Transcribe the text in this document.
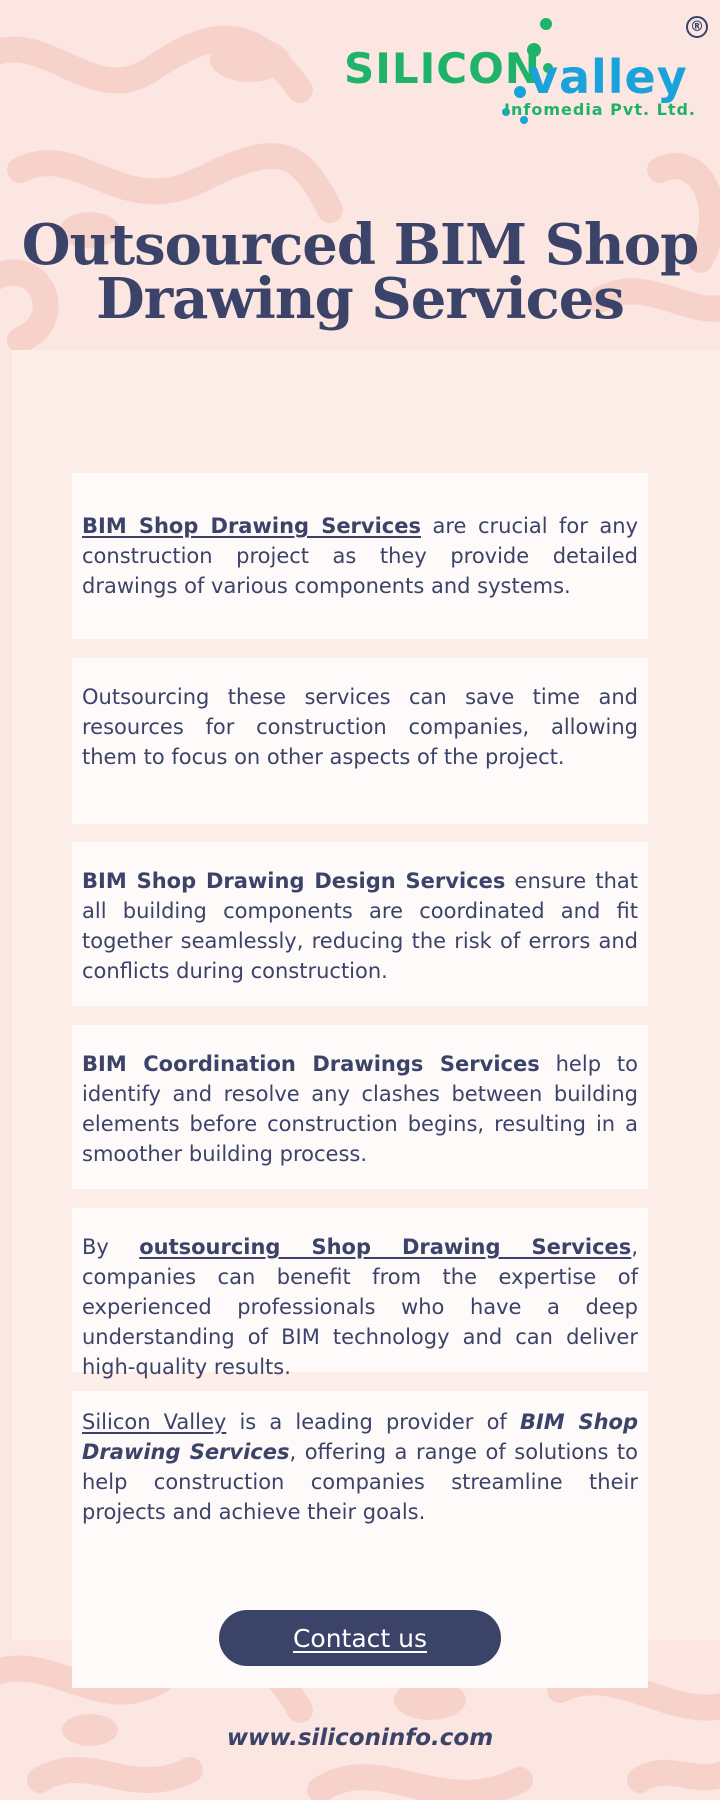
®
SILICON
valley
Infomedia Pvt. Ltd.
Outsourced BIM Shop
Drawing Services

BIM Shop Drawing Services are crucial for any construction project as they provide detailed drawings of various components and systems.

Outsourcing these services can save time and resources for construction companies, allowing them to focus on other aspects of the project.

BIM Shop Drawing Design Services ensure that all building components are coordinated and fit together seamlessly, reducing the risk of errors and conflicts during construction.

BIM Coordination Drawings Services help to identify and resolve any clashes between building elements before construction begins, resulting in a smoother building process.

By outsourcing Shop Drawing Services, companies can benefit from the expertise of experienced professionals who have a deep understanding of BIM technology and can deliver high-quality results.

Silicon Valley is a leading provider of BIM Shop Drawing Services, offering a range of solutions to help construction companies streamline their projects and achieve their goals.

Contact us
www.siliconinfo.com
